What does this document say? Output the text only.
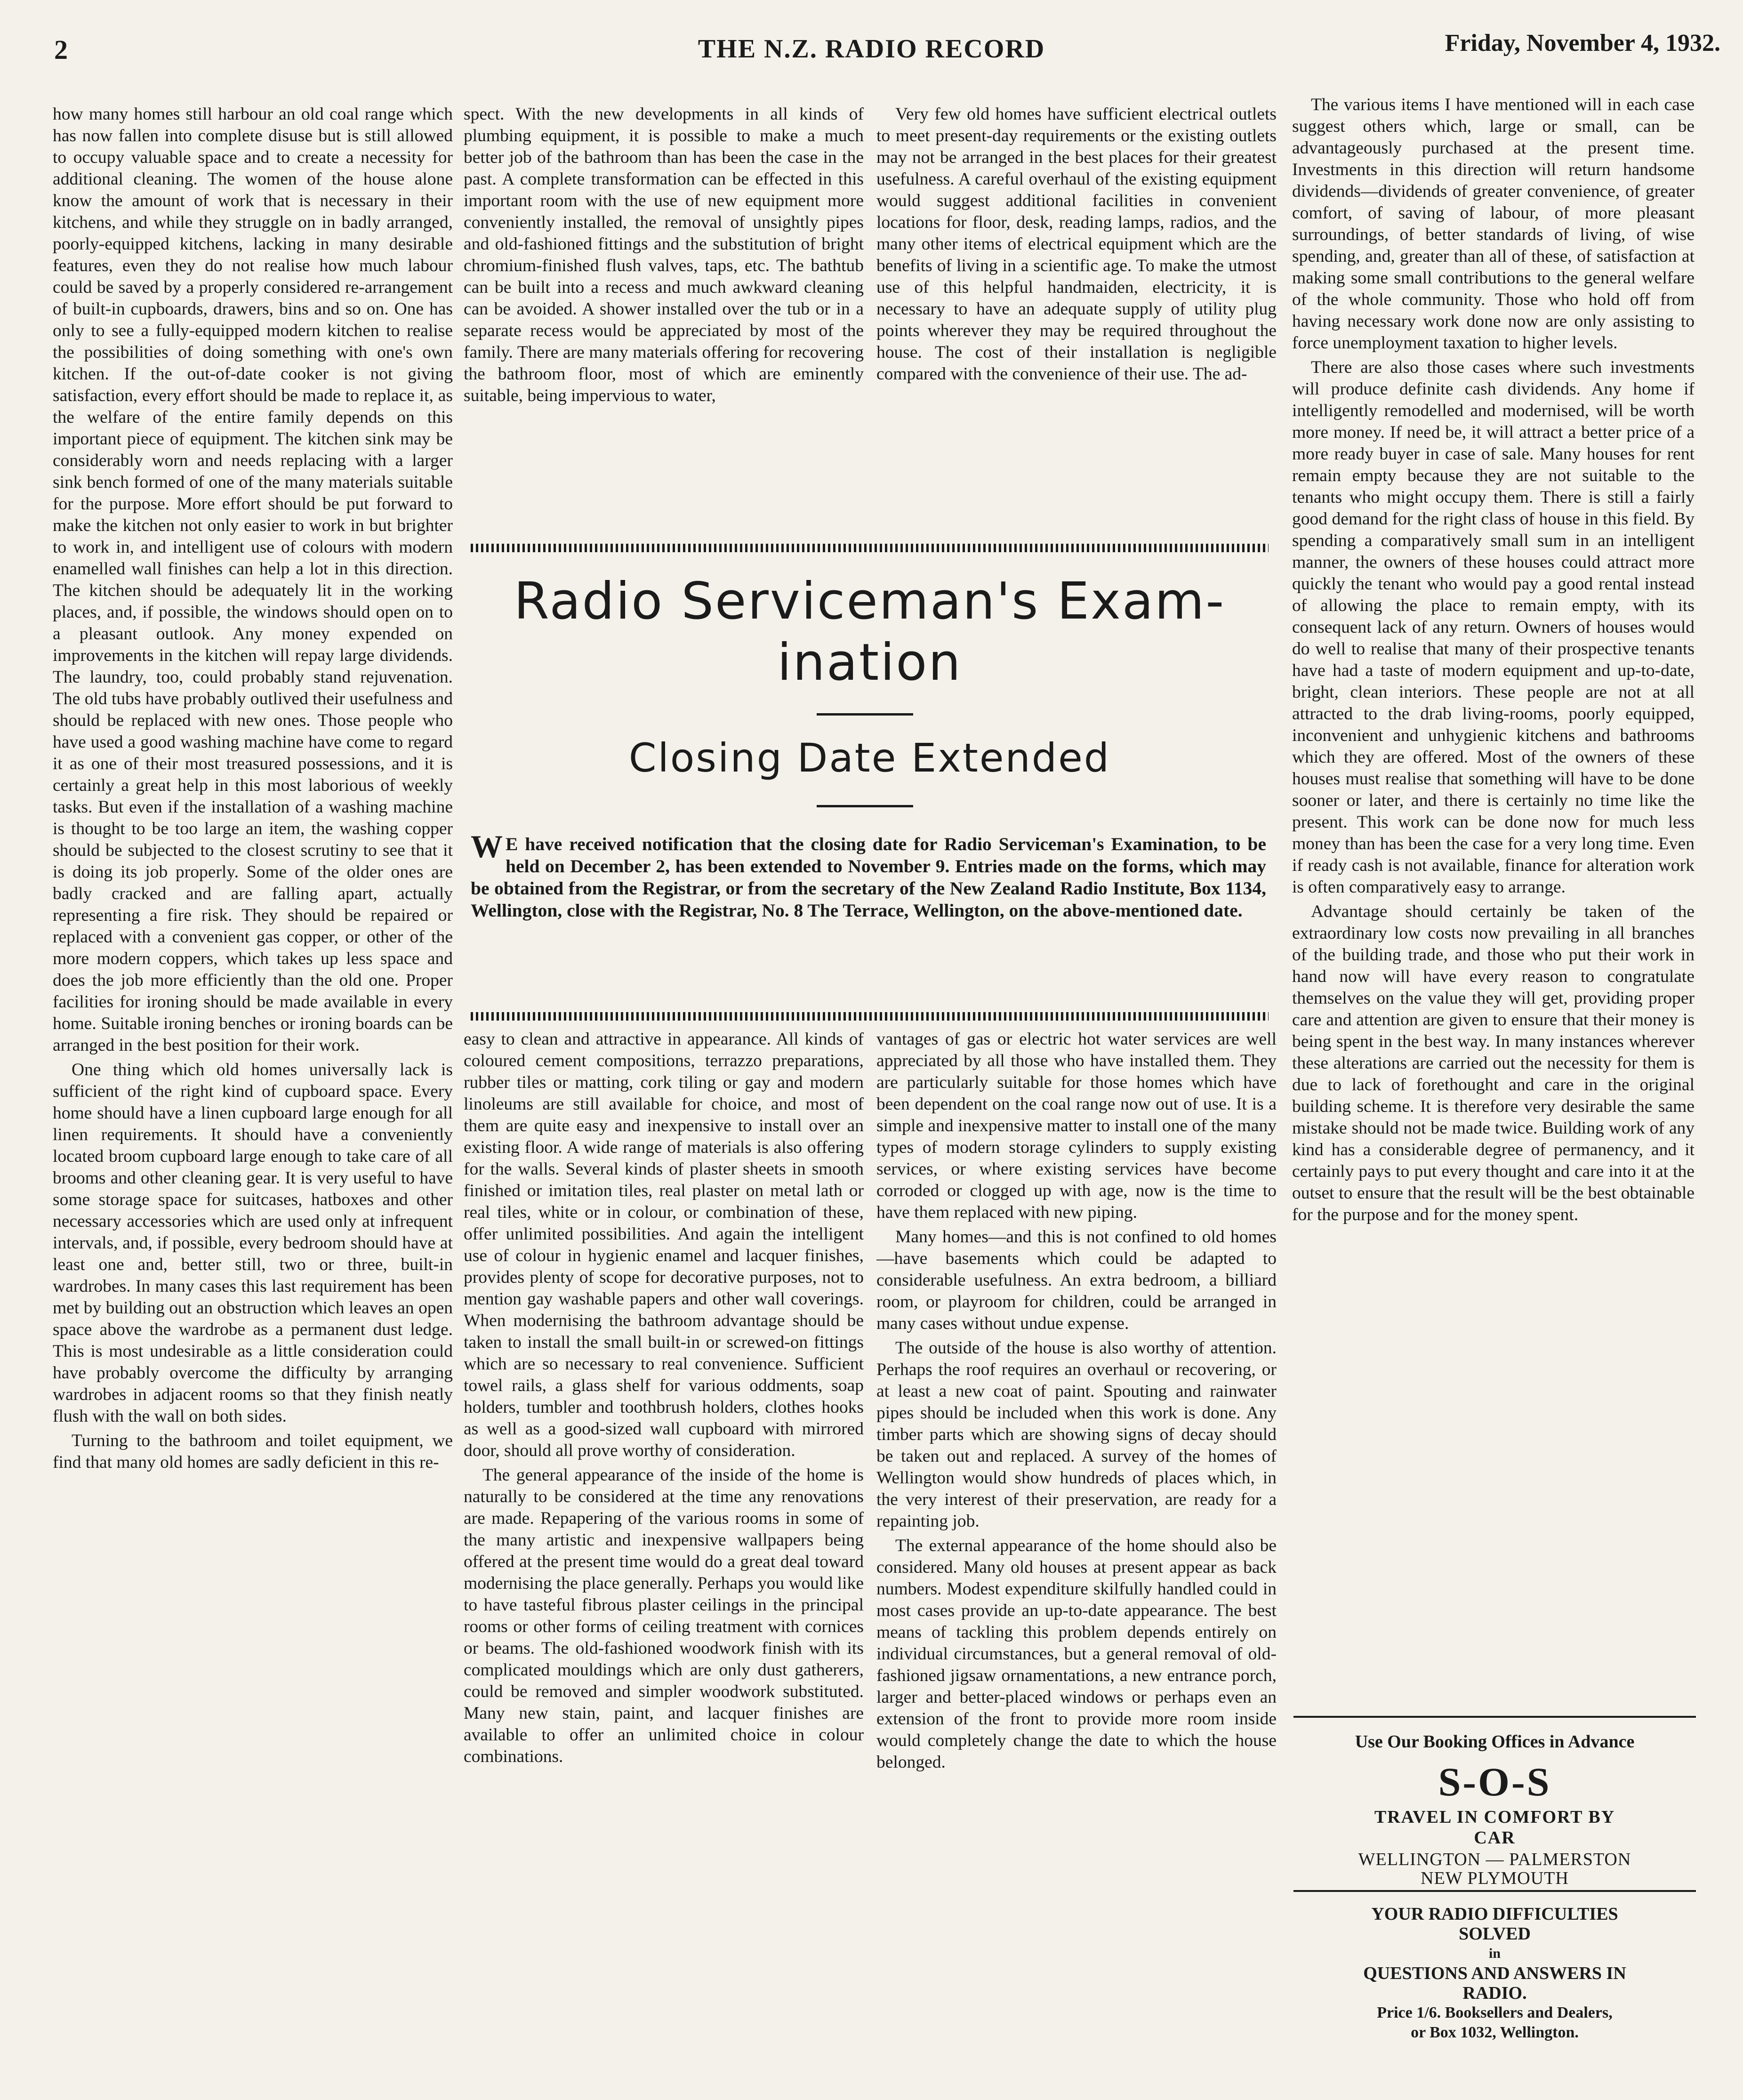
2	THE N.Z. RADIO RECORD	Friday, November 4, 1932.

how many homes still harbour an old coal range which has now fallen into complete disuse but is still allowed to occupy valuable space and to create a necessity for additional cleaning. The women of the house alone know the amount of work that is necessary in their kitchens, and while they struggle on in badly arranged, poorly-equipped kitchens, lacking in many desirable features, even they do not realise how much labour could be saved by a properly considered re-arrangement of built-in cupboards, drawers, bins and so on. One has only to see a fully-equipped modern kitchen to realise the possibilities of doing something with one's own kitchen. If the out-of-date cooker is not giving satisfaction, every effort should be made to replace it, as the welfare of the entire family depends on this important piece of equipment. The kitchen sink may be considerably worn and needs replacing with a larger sink bench formed of one of the many materials suitable for the purpose. More effort should be put forward to make the kitchen not only easier to work in but brighter to work in, and intelligent use of colours with modern enamelled wall finishes can help a lot in this direction. The kitchen should be adequately lit in the working places, and, if possible, the windows should open on to a pleasant outlook. Any money expended on improvements in the kitchen will repay large dividends. The laundry, too, could probably stand rejuvenation. The old tubs have probably outlived their usefulness and should be replaced with new ones. Those people who have used a good washing machine have come to regard it as one of their most treasured possessions, and it is certainly a great help in this most laborious of weekly tasks. But even if the installation of a washing machine is thought to be too large an item, the washing copper should be subjected to the closest scrutiny to see that it is doing its job properly. Some of the older ones are badly cracked and are falling apart, actually representing a fire risk. They should be repaired or replaced with a convenient gas copper, or other of the more modern coppers, which takes up less space and does the job more efficiently than the old one. Proper facilities for ironing should be made available in every home. Suitable ironing benches or ironing boards can be arranged in the best position for their work.

One thing which old homes universally lack is sufficient of the right kind of cupboard space. Every home should have a linen cupboard large enough for all linen requirements. It should have a conveniently located broom cupboard large enough to take care of all brooms and other cleaning gear. It is very useful to have some storage space for suitcases, hatboxes and other necessary accessories which are used only at infrequent intervals, and, if possible, every bedroom should have at least one and, better still, two or three, built-in wardrobes. In many cases this last requirement has been met by building out an obstruction which leaves an open space above the wardrobe as a permanent dust ledge. This is most undesirable as a little consideration could have probably overcome the difficulty by arranging wardrobes in adjacent rooms so that they finish neatly flush with the wall on both sides.

Turning to the bathroom and toilet equipment, we find that many old homes are sadly deficient in this re-

spect. With the new developments in all kinds of plumbing equipment, it is possible to make a much better job of the bathroom than has been the case in the past. A complete transformation can be effected in this important room with the use of new equipment more conveniently installed, the removal of unsightly pipes and old-fashioned fittings and the substitution of bright chromium-finished flush valves, taps, etc. The bathtub can be built into a recess and much awkward cleaning can be avoided. A shower installed over the tub or in a separate recess would be appreciated by most of the family. There are many materials offering for recovering the bathroom floor, most of which are eminently suitable, being impervious to water,

Very few old homes have sufficient electrical outlets to meet present-day requirements or the existing outlets may not be arranged in the best places for their greatest usefulness. A careful overhaul of the existing equipment would suggest additional facilities in convenient locations for floor, desk, reading lamps, radios, and the many other items of electrical equipment which are the benefits of living in a scientific age. To make the utmost use of this helpful handmaiden, electricity, it is necessary to have an adequate supply of utility plug points wherever they may be required throughout the house. The cost of their installation is negligible compared with the convenience of their use. The ad-

Radio Serviceman's Exam-
ination
Closing Date Extended
W E have received notification that the closing date for Radio Serviceman's Examination, to be held on December 2, has been extended to November 9. Entries made on the forms, which may be obtained from the Registrar, or from the secretary of the New Zealand Radio Institute, Box 1134, Wellington, close with the Registrar, No. 8 The Terrace, Wellington, on the above-mentioned date.

easy to clean and attractive in appearance. All kinds of coloured cement compositions, terrazzo preparations, rubber tiles or matting, cork tiling or gay and modern linoleums are still available for choice, and most of them are quite easy and inexpensive to install over an existing floor. A wide range of materials is also offering for the walls. Several kinds of plaster sheets in smooth finished or imitation tiles, real plaster on metal lath or real tiles, white or in colour, or combination of these, offer unlimited possibilities. And again the intelligent use of colour in hygienic enamel and lacquer finishes, provides plenty of scope for decorative purposes, not to mention gay washable papers and other wall coverings. When modernising the bathroom advantage should be taken to install the small built-in or screwed-on fittings which are so necessary to real convenience. Sufficient towel rails, a glass shelf for various oddments, soap holders, tumbler and toothbrush holders, clothes hooks as well as a good-sized wall cupboard with mirrored door, should all prove worthy of consideration.

The general appearance of the inside of the home is naturally to be considered at the time any renovations are made. Repapering of the various rooms in some of the many artistic and inexpensive wallpapers being offered at the present time would do a great deal toward modernising the place generally. Perhaps you would like to have tasteful fibrous plaster ceilings in the principal rooms or other forms of ceiling treatment with cornices or beams. The old-fashioned woodwork finish with its complicated mouldings which are only dust gatherers, could be removed and simpler woodwork substituted. Many new stain, paint, and lacquer finishes are available to offer an unlimited choice in colour combinations.

vantages of gas or electric hot water services are well appreciated by all those who have installed them. They are particularly suitable for those homes which have been dependent on the coal range now out of use. It is a simple and inexpensive matter to install one of the many types of modern storage cylinders to supply existing services, or where existing services have become corroded or clogged up with age, now is the time to have them replaced with new piping.

Many homes—and this is not confined to old homes—have basements which could be adapted to considerable usefulness. An extra bedroom, a billiard room, or playroom for children, could be arranged in many cases without undue expense.

The outside of the house is also worthy of attention. Perhaps the roof requires an overhaul or recovering, or at least a new coat of paint. Spouting and rainwater pipes should be included when this work is done. Any timber parts which are showing signs of decay should be taken out and replaced. A survey of the homes of Wellington would show hundreds of places which, in the very interest of their preservation, are ready for a repainting job.

The external appearance of the home should also be considered. Many old houses at present appear as back numbers. Modest expenditure skilfully handled could in most cases provide an up-to-date appearance. The best means of tackling this problem depends entirely on individual circumstances, but a general removal of old-fashioned jigsaw ornamentations, a new entrance porch, larger and better-placed windows or perhaps even an extension of the front to provide more room inside would completely change the date to which the house belonged.

The various items I have mentioned will in each case suggest others which, large or small, can be advantageously purchased at the present time. Investments in this direction will return handsome dividends—dividends of greater convenience, of greater comfort, of saving of labour, of more pleasant surroundings, of better standards of living, of wise spending, and, greater than all of these, of satisfaction at making some small contributions to the general welfare of the whole community. Those who hold off from having necessary work done now are only assisting to force unemployment taxation to higher levels.

There are also those cases where such investments will produce definite cash dividends. Any home if intelligently remodelled and modernised, will be worth more money. If need be, it will attract a better price of a more ready buyer in case of sale. Many houses for rent remain empty because they are not suitable to the tenants who might occupy them. There is still a fairly good demand for the right class of house in this field. By spending a comparatively small sum in an intelligent manner, the owners of these houses could attract more quickly the tenant who would pay a good rental instead of allowing the place to remain empty, with its consequent lack of any return. Owners of houses would do well to realise that many of their prospective tenants have had a taste of modern equipment and up-to-date, bright, clean interiors. These people are not at all attracted to the drab living-rooms, poorly equipped, inconvenient and unhygienic kitchens and bathrooms which they are offered. Most of the owners of these houses must realise that something will have to be done sooner or later, and there is certainly no time like the present. This work can be done now for much less money than has been the case for a very long time. Even if ready cash is not available, finance for alteration work is often comparatively easy to arrange.

Advantage should certainly be taken of the extraordinary low costs now prevailing in all branches of the building trade, and those who put their work in hand now will have every reason to congratulate themselves on the value they will get, providing proper care and attention are given to ensure that their money is being spent in the best way. In many instances wherever these alterations are carried out the necessity for them is due to lack of forethought and care in the original building scheme. It is therefore very desirable the same mistake should not be made twice. Building work of any kind has a considerable degree of permanency, and it certainly pays to put every thought and care into it at the outset to ensure that the result will be the best obtainable for the purpose and for the money spent.

Use Our Booking Offices in Advance
S-O-S
TRAVEL IN COMFORT BY
CAR
WELLINGTON — PALMERSTON
NEW PLYMOUTH
YOUR RADIO DIFFICULTIES
SOLVED
in
QUESTIONS AND ANSWERS IN
RADIO.
Price 1/6. Booksellers and Dealers,
or Box 1032, Wellington.
